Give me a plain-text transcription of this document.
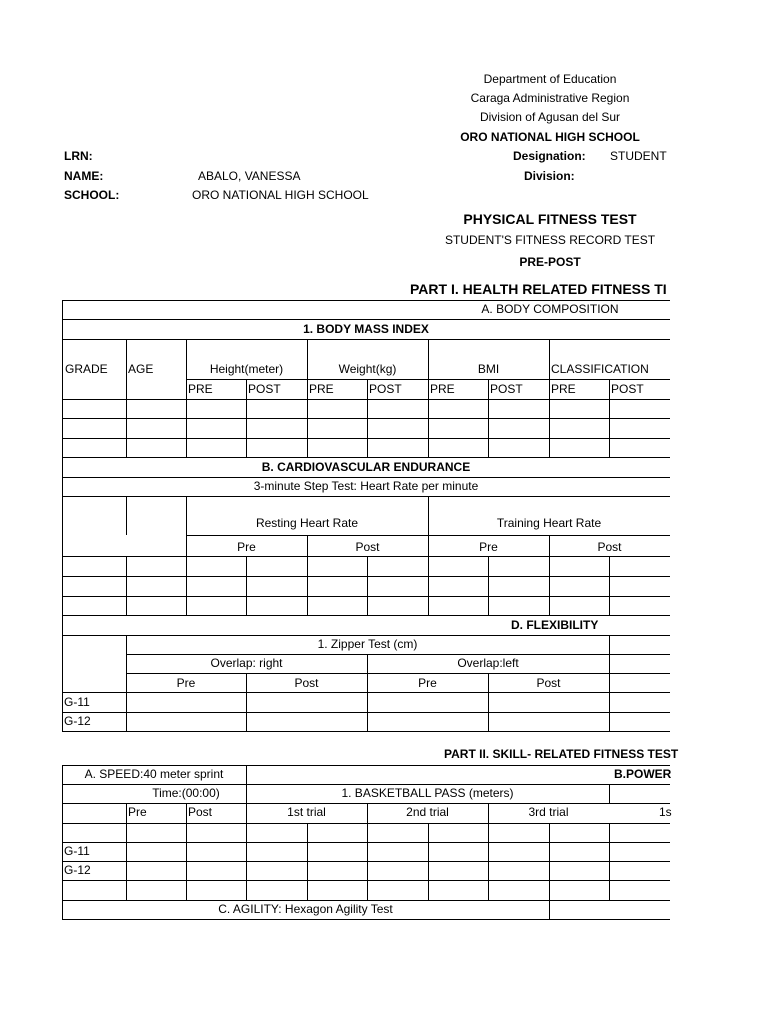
Department of Education
Caraga Administrative Region
Division of Agusan del Sur
ORO NATIONAL HIGH SCHOOL
LRN:
NAME:	ABALO, VANESSA
SCHOOL:	ORO NATIONAL HIGH SCHOOL
Designation: STUDENT
Division:
PHYSICAL FITNESS TEST
STUDENT'S FITNESS RECORD TEST
PRE-POST
PART I. HEALTH RELATED FITNESS TI
A. BODY COMPOSITION
1. BODY MASS INDEX
GRADE AGE	Height(meter)	Weight(kg)	BMI	CLASSIFICATION
PRE	POST PRE	POST PRE	POST PRE	POST
B. CARDIOVASCULAR ENDURANCE
3-minute Step Test: Heart Rate per minute
Resting Heart Rate	Training Heart Rate
Pre	Post	Pre	Post
D. FLEXIBILITY
1. Zipper Test (cm)
Overlap: right	Overlap:left
Pre	Post	Pre	Post
G-11
G-12
PART II. SKILL- RELATED FITNESS TEST
A. SPEED:40 meter sprint	B.POWER
Time:(00:00)	1. BASKETBALL PASS (meters)
Pre	Post	1st trial	2nd trial	3rd trial	1s
G-11
G-12
C. AGILITY: Hexagon Agility Test
